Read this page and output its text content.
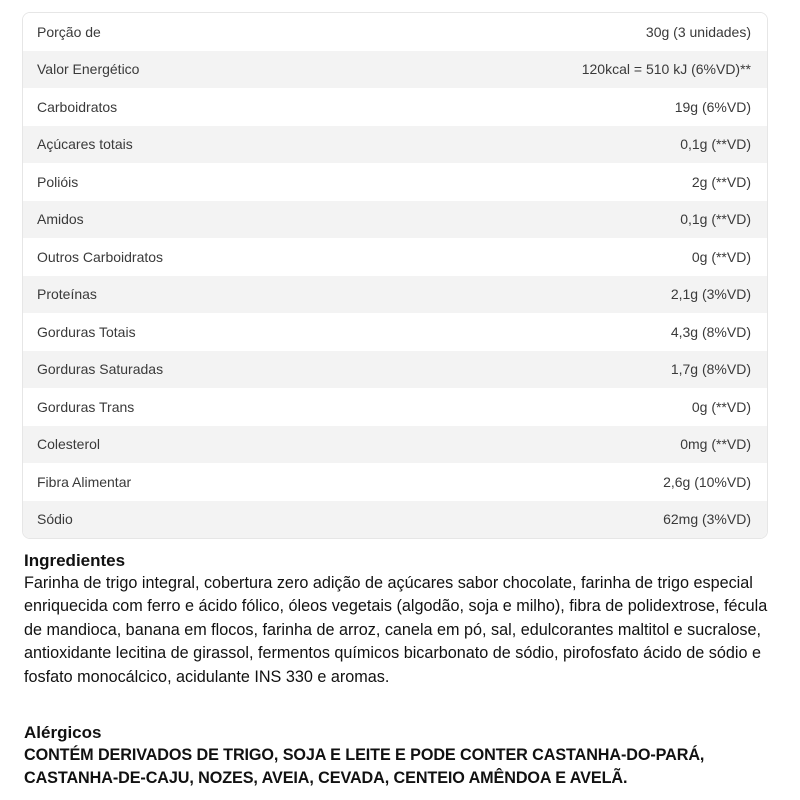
Porção de	30g (3 unidades)
Valor Energético	120kcal = 510 kJ (6%VD)**
Carboidratos	19g (6%VD)
Açúcares totais	0,1g (**VD)
Polióis	2g (**VD)
Amidos	0,1g (**VD)
Outros Carboidratos	0g (**VD)
Proteínas	2,1g (3%VD)
Gorduras Totais	4,3g (8%VD)
Gorduras Saturadas	1,7g (8%VD)
Gorduras Trans	0g (**VD)
Colesterol	0mg (**VD)
Fibra Alimentar	2,6g (10%VD)
Sódio	62mg (3%VD)
Ingredientes

Farinha de trigo integral, cobertura zero adição de açúcares sabor chocolate, farinha de trigo especial enriquecida com ferro e ácido fólico, óleos vegetais (algodão, soja e milho), fibra de polidextrose, fécula de mandioca, banana em flocos, farinha de arroz, canela em pó, sal, edulcorantes maltitol e sucralose, antioxidante lecitina de girassol, fermentos químicos bicarbonato de sódio, pirofosfato ácido de sódio e fosfato monocálcico, acidulante INS 330 e aromas.

Alérgicos

CONTÉM DERIVADOS DE TRIGO, SOJA E LEITE E PODE CONTER CASTANHA-DO-PARÁ, CASTANHA-DE-CAJU, NOZES, AVEIA, CEVADA, CENTEIO AMÊNDOA E AVELÃ.
